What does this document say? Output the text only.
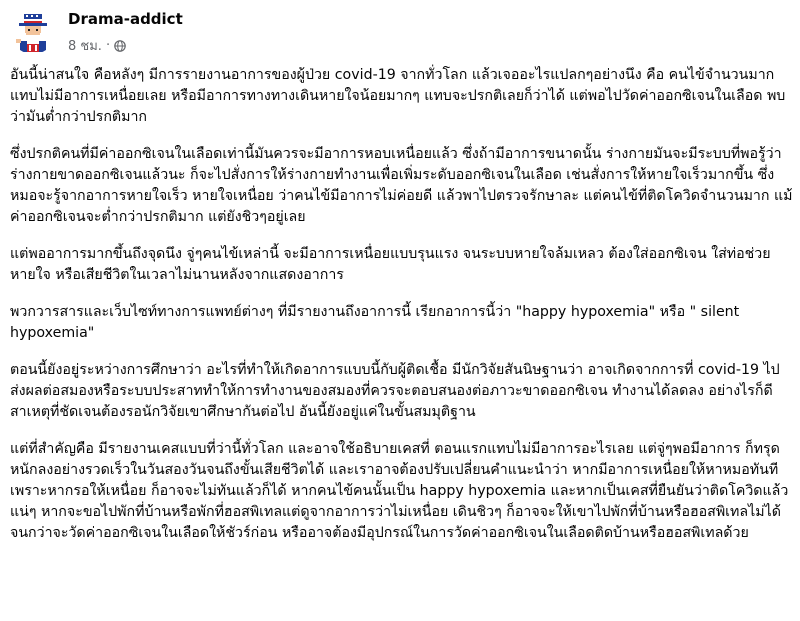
Drama-addict
8 ชม. ·

อันนี้น่าสนใจ คือหลังๆ มีการรายงานอาการของผู้ป่วย covid-19 จากทั่วโลก แล้วเจออะไรแปลกๆอย่างนึง คือ คนไข้จำนวนมาก แทบไม่มีอาการเหนื่อยเลย หรือมีอาการทางทางเดินหายใจน้อยมากๆ แทบจะปรกติเลยก็ว่าได้ แต่พอไปวัดค่าออกซิเจนในเลือด พบว่ามันต่ำกว่าปรกติมาก

ซึ่งปรกติคนที่มีค่าออกซิเจนในเลือดเท่านี้มันควรจะมีอาการหอบเหนื่อยแล้ว ซึ่งถ้ามีอาการขนาดนั้น ร่างกายมันจะมีระบบที่พอรู้ว่าร่างกายขาดออกซิเจนแล้วนะ ก็จะไปสั่งการให้ร่างกายทำงานเพื่อเพิ่มระดับออกซิเจนในเลือด เช่นสั่งการให้หายใจเร็วมากขึ้น ซึ่งหมอจะรู้จากอาการหายใจเร็ว หายใจเหนื่อย ว่าคนไข้มีอาการไม่ค่อยดี แล้วพาไปตรวจรักษาละ แต่คนไข้ที่ติดโควิดจำนวนมาก แม้ค่าออกซิเจนจะต่ำกว่าปรกติมาก แต่ยังชิวๆอยู่เลย

แต่พออาการมากขึ้นถึงจุดนึง จู่ๆคนไข้เหล่านี้ จะมีอาการเหนื่อยแบบรุนแรง จนระบบหายใจล้มเหลว ต้องใส่ออกซิเจน ใส่ท่อช่วยหายใจ หรือเสียชีวิตในเวลาไม่นานหลังจากแสดงอาการ

พวกวารสารและเว็บไซท์ทางการแพทย์ต่างๆ ที่มีรายงานถึงอาการนี้ เรียกอาการนี้ว่า "happy hypoxemia" หรือ " silent hypoxemia"

ตอนนี้ยังอยู่ระหว่างการศึกษาว่า อะไรที่ทำให้เกิดอาการแบบนี้กับผู้ติดเชื้อ มีนักวิจัยสันนิษฐานว่า อาจเกิดจากการที่ covid-19 ไปส่งผลต่อสมองหรือระบบประสาททำให้การทำงานของสมองที่ควรจะตอบสนองต่อภาวะขาดออกซิเจน ทำงานได้ลดลง อย่างไรก็ดี สาเหตุที่ชัดเจนต้องรอนักวิจัยเขาศึกษากันต่อไป อันนี้ยังอยู่แค่ในขั้นสมมุติฐาน

แต่ที่สำคัญคือ มีรายงานเคสแบบที่ว่านี้ทั่วโลก และอาจใช้อธิบายเคสที่ ตอนแรกแทบไม่มีอาการอะไรเลย แต่จู่ๆพอมีอาการ ก็ทรุดหนักลงอย่างรวดเร็วในวันสองวันจนถึงขั้นเสียชีวิตได้ และเราอาจต้องปรับเปลี่ยนคำแนะนำว่า หากมีอาการเหนื่อยให้หาหมอทันที เพราะหากรอให้เหนื่อย ก็อาจจะไม่ทันแล้วก็ได้ หากคนไข้คนนั้นเป็น happy hypoxemia และหากเป็นเคสที่ยืนยันว่าติดโควิดแล้วแน่ๆ หากจะขอไปพักที่บ้านหรือพักที่ฮอสพิเทลแต่ดูจากอาการว่าไม่เหนื่อย เดินชิวๆ ก็อาจจะให้เขาไปพักที่บ้านหรือฮอสพิเทลไม่ได้ จนกว่าจะวัดค่าออกซิเจนในเลือดให้ชัวร์ก่อน หรืออาจต้องมีอุปกรณ์ในการวัดค่าออกซิเจนในเลือดติดบ้านหรือฮอสพิเทลด้วย
